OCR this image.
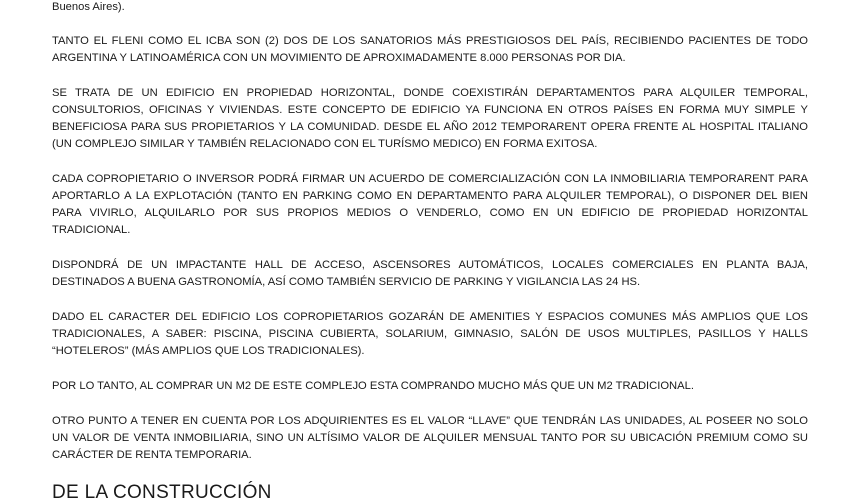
Buenos Aires).

TANTO EL FLENI COMO EL ICBA SON (2) DOS DE LOS SANATORIOS MÁS PRESTIGIOSOS DEL PAÍS, RECIBIENDO PACIENTES DE TODO ARGENTINA Y LATINOAMÉRICA CON UN MOVIMIENTO DE APROXIMADAMENTE 8.000 PERSONAS POR DIA.

SE TRATA DE UN EDIFICIO EN PROPIEDAD HORIZONTAL, DONDE COEXISTIRÁN DEPARTAMENTOS PARA ALQUILER TEMPORAL, CONSULTORIOS, OFICINAS Y VIVIENDAS. ESTE CONCEPTO DE EDIFICIO YA FUNCIONA EN OTROS PAÍSES EN FORMA MUY SIMPLE Y BENEFICIOSA PARA SUS PROPIETARIOS Y LA COMUNIDAD. DESDE EL AÑO 2012 TEMPORARENT OPERA FRENTE AL HOSPITAL ITALIANO (UN COMPLEJO SIMILAR Y TAMBIÉN RELACIONADO CON EL TURÍSMO MEDICO) EN FORMA EXITOSA.

CADA COPROPIETARIO O INVERSOR PODRÁ FIRMAR UN ACUERDO DE COMERCIALIZACIÓN CON LA INMOBILIARIA TEMPORARENT PARA APORTARLO A LA EXPLOTACIÓN (TANTO EN PARKING COMO EN DEPARTAMENTO PARA ALQUILER TEMPORAL), O DISPONER DEL BIEN PARA VIVIRLO, ALQUILARLO POR SUS PROPIOS MEDIOS O VENDERLO, COMO EN UN EDIFICIO DE PROPIEDAD HORIZONTAL TRADICIONAL.

DISPONDRÁ DE UN IMPACTANTE HALL DE ACCESO, ASCENSORES AUTOMÁTICOS, LOCALES COMERCIALES EN PLANTA BAJA, DESTINADOS A BUENA GASTRONOMÍA, ASÍ COMO TAMBIÉN SERVICIO DE PARKING Y VIGILANCIA LAS 24 HS.

DADO EL CARACTER DEL EDIFICIO LOS COPROPIETARIOS GOZARÁN DE AMENITIES Y ESPACIOS COMUNES MÁS AMPLIOS QUE LOS TRADICIONALES, A SABER: PISCINA, PISCINA CUBIERTA, SOLARIUM, GIMNASIO, SALÓN DE USOS MULTIPLES, PASILLOS Y HALLS “HOTELEROS” (MÁS AMPLIOS QUE LOS TRADICIONALES).

POR LO TANTO, AL COMPRAR UN M2 DE ESTE COMPLEJO ESTA COMPRANDO MUCHO MÁS QUE UN M2 TRADICIONAL.

OTRO PUNTO A TENER EN CUENTA POR LOS ADQUIRIENTES ES EL VALOR “LLAVE” QUE TENDRÁN LAS UNIDADES, AL POSEER NO SOLO UN VALOR DE VENTA INMOBILIARIA, SINO UN ALTÍSIMO VALOR DE ALQUILER MENSUAL TANTO POR SU UBICACIÓN PREMIUM COMO SU CARÁCTER DE RENTA TEMPORARIA.

DE LA CONSTRUCCIÓN
